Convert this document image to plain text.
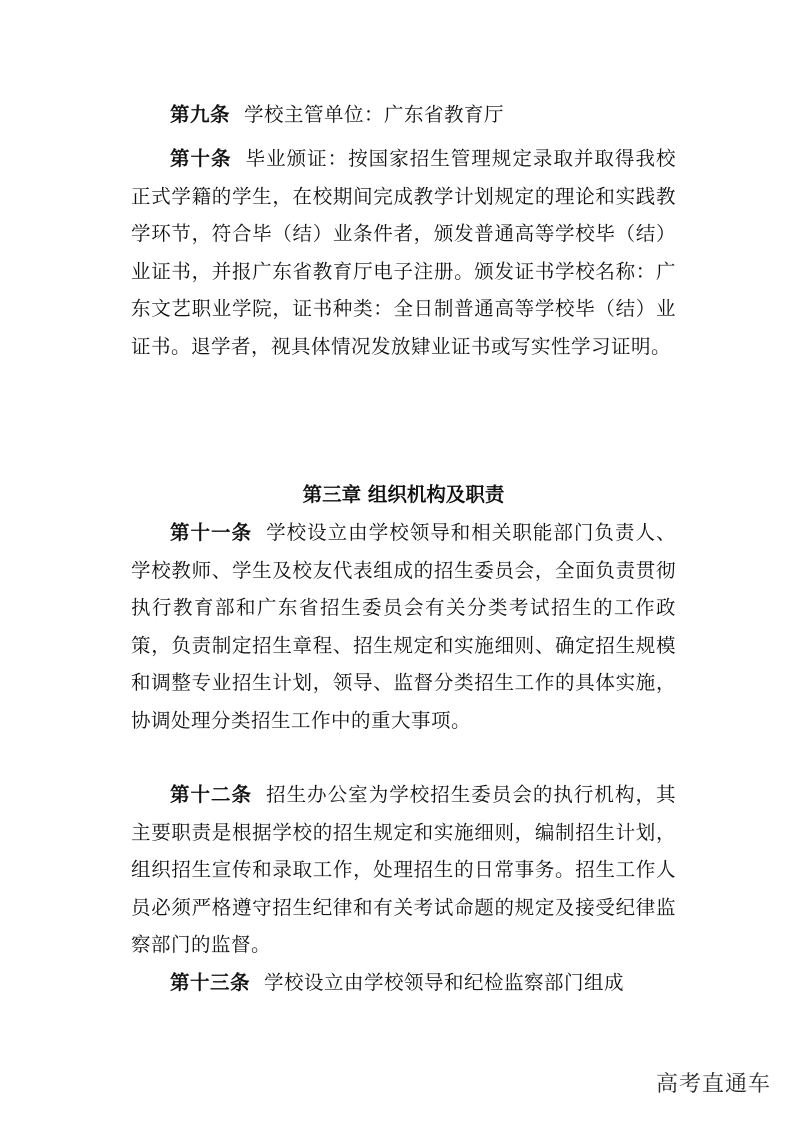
第九条 学校主管单位：广东省教育厅

第十条 毕业颁证：按国家招生管理规定录取并取得我校正式学籍的学生，在校期间完成教学计划规定的理论和实践教学环节，符合毕（结）业条件者，颁发普通高等学校毕（结）业证书，并报广东省教育厅电子注册。颁发证书学校名称：广东文艺职业学院，证书种类：全日制普通高等学校毕（结）业证书。退学者，视具体情况发放肄业证书或写实性学习证明。

第三章 组织机构及职责

第十一条 学校设立由学校领导和相关职能部门负责人、学校教师、学生及校友代表组成的招生委员会，全面负责贯彻执行教育部和广东省招生委员会有关分类考试招生的工作政策，负责制定招生章程、招生规定和实施细则、确定招生规模和调整专业招生计划，领导、监督分类招生工作的具体实施，协调处理分类招生工作中的重大事项。

第十二条 招生办公室为学校招生委员会的执行机构，其主要职责是根据学校的招生规定和实施细则，编制招生计划，组织招生宣传和录取工作，处理招生的日常事务。招生工作人员必须严格遵守招生纪律和有关考试命题的规定及接受纪律监察部门的监督。

第十三条 学校设立由学校领导和纪检监察部门组成

高考直通车
